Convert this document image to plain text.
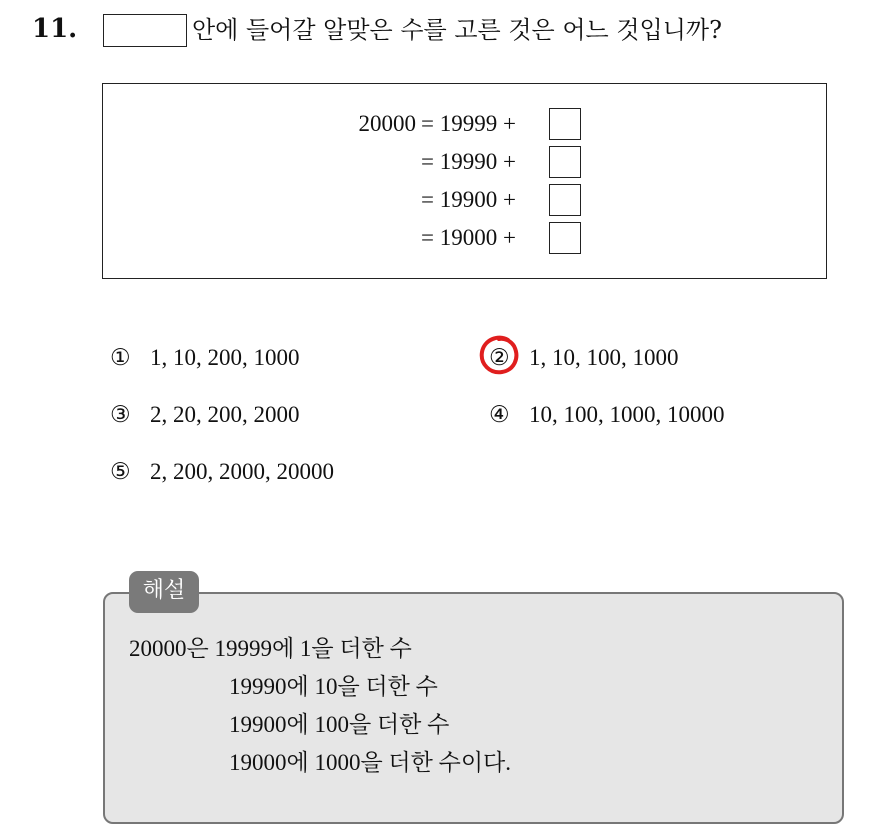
11.	안에 들어갈 알맞은 수를 고른 것은 어느 것입니까?
20000 = 19999 +
= 19990 +
= 19900 +
= 19000 +
① 1, 10, 200, 1000	② 1, 10, 100, 1000
③ 2, 20, 200, 2000	④ 10, 100, 1000, 10000
⑤ 2, 200, 2000, 20000
해설
20000은 19999에 1을 더한 수
19990에 10을 더한 수
19900에 100을 더한 수
19000에 1000을 더한 수이다.
